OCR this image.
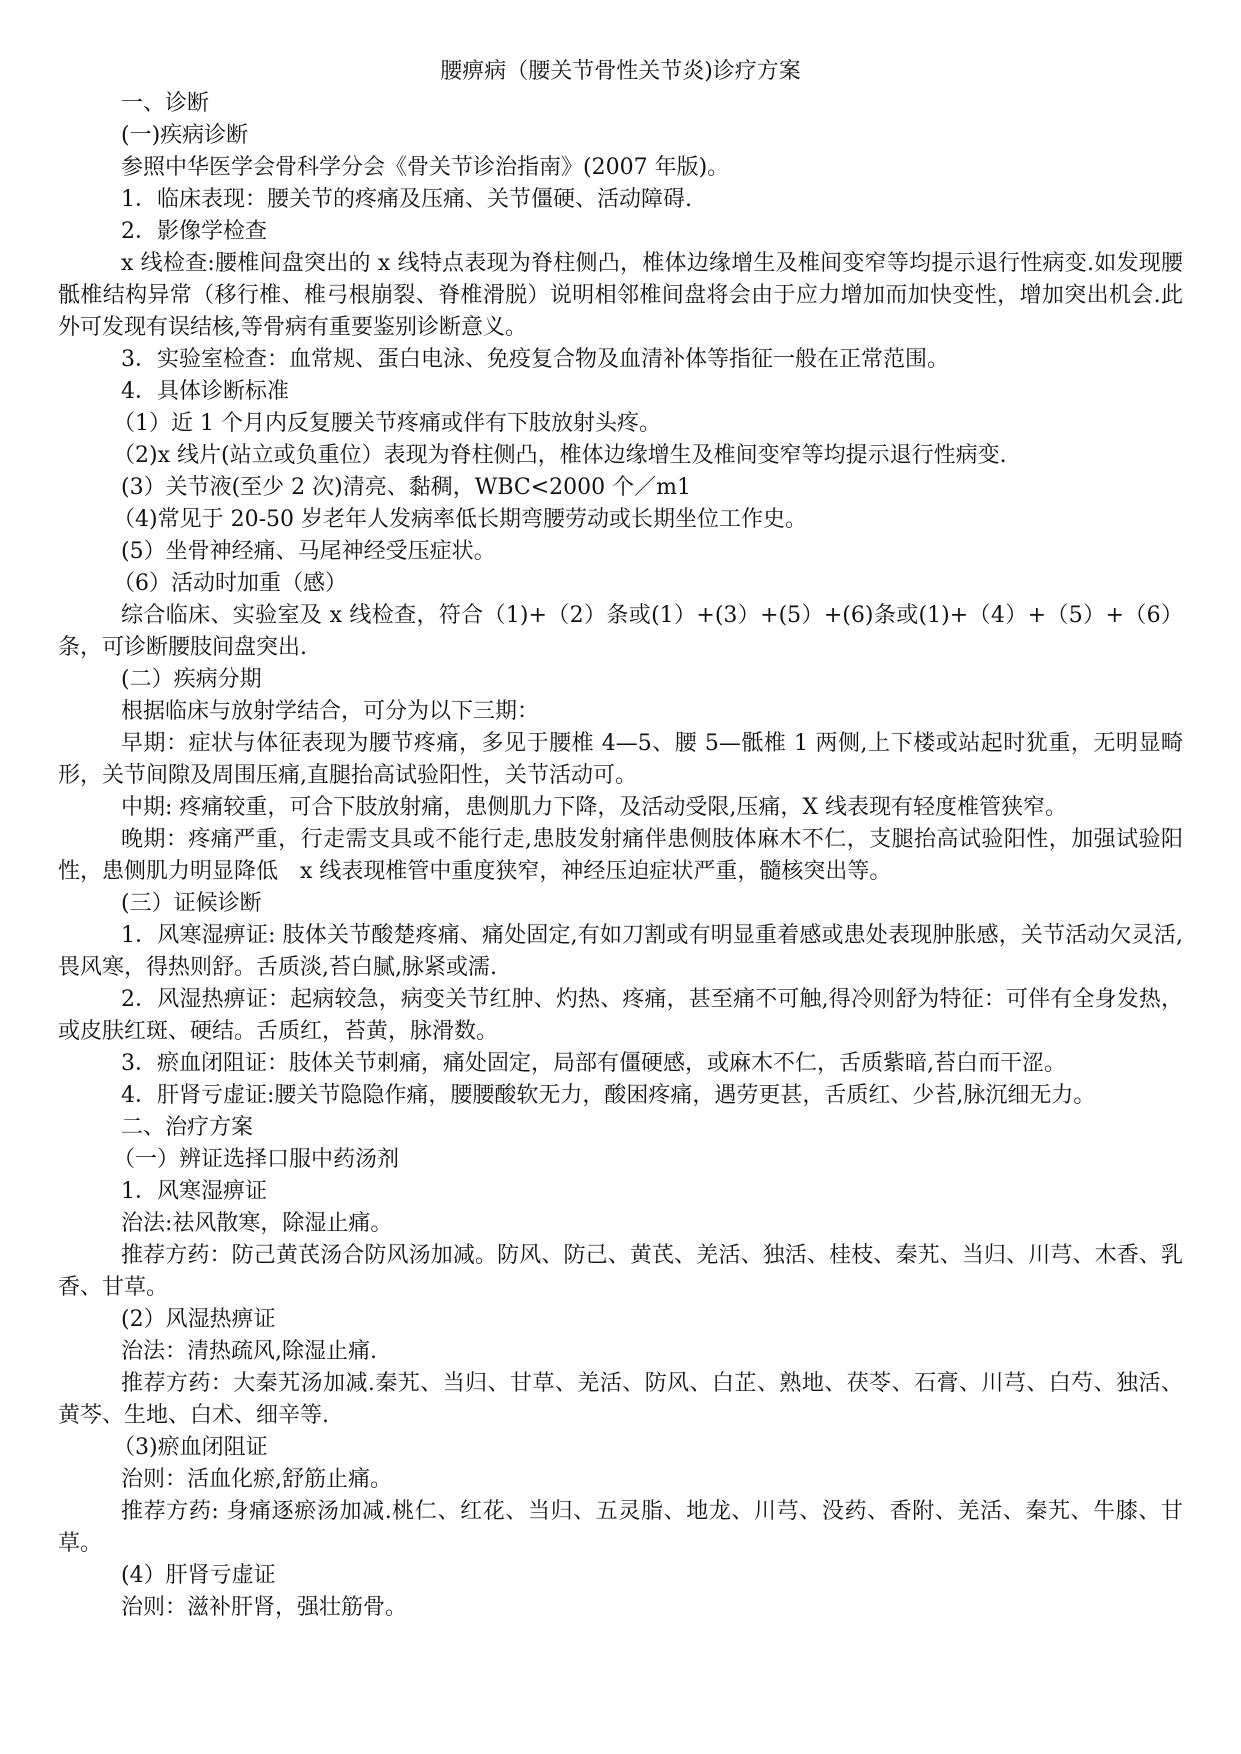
腰痹病（腰关节骨性关节炎)诊疗方案

一、诊断

(一)疾病诊断

参照中华医学会骨科学分会《骨关节诊治指南》(2007 年版)。

1．临床表现：腰关节的疼痛及压痛、关节僵硬、活动障碍.

2．影像学检查

x 线检查:腰椎间盘突出的 x 线特点表现为脊柱侧凸，椎体边缘增生及椎间变窄等均提示退行性病变.如发现腰骶椎结构异常（移行椎、椎弓根崩裂、脊椎滑脱）说明相邻椎间盘将会由于应力增加而加快变性，增加突出机会.此外可发现有误结核,等骨病有重要鉴别诊断意义。

3．实验室检查：血常规、蛋白电泳、免疫复合物及血清补体等指征一般在正常范围。

4．具体诊断标准

（1）近 1 个月内反复腰关节疼痛或伴有下肢放射头疼。

（2)x 线片(站立或负重位）表现为脊柱侧凸，椎体边缘增生及椎间变窄等均提示退行性病变.

(3）关节液(至少 2 次)清亮、黏稠，WBC<2000 个／m1

（4)常见于 20-50 岁老年人发病率低长期弯腰劳动或长期坐位工作史。

(5）坐骨神经痛、马尾神经受压症状。

（6）活动时加重（感）

综合临床、实验室及 x 线检查，符合（1)+（2）条或(1）+(3）+(5）+(6)条或(1)+（4）+（5）+（6）条，可诊断腰肢间盘突出.

(二）疾病分期

根据临床与放射学结合，可分为以下三期：

早期：症状与体征表现为腰节疼痛，多见于腰椎 4—5、腰 5—骶椎 1 两侧,上下楼或站起时犹重，无明显畸形，关节间隙及周围压痛,直腿抬高试验阳性，关节活动可。

中期: 疼痛较重，可合下肢放射痛，患侧肌力下降，及活动受限,压痛，X 线表现有轻度椎管狭窄。

晚期：疼痛严重，行走需支具或不能行走,患肢发射痛伴患侧肢体麻木不仁，支腿抬高试验阳性，加强试验阳性，患侧肌力明显降低　x 线表现椎管中重度狭窄，神经压迫症状严重，髓核突出等。

(三）证候诊断

1．风寒湿痹证: 肢体关节酸楚疼痛、痛处固定,有如刀割或有明显重着感或患处表现肿胀感，关节活动欠灵活,畏风寒，得热则舒。舌质淡,苔白腻,脉紧或濡.

2．风湿热痹证：起病较急，病变关节红肿、灼热、疼痛，甚至痛不可触,得冷则舒为特征：可伴有全身发热，或皮肤红斑、硬结。舌质红，苔黄，脉滑数。

3．瘀血闭阻证：肢体关节刺痛，痛处固定，局部有僵硬感，或麻木不仁，舌质紫暗,苔白而干涩。

4．肝肾亏虚证:腰关节隐隐作痛，腰腰酸软无力，酸困疼痛，遇劳更甚，舌质红、少苔,脉沉细无力。

二、治疗方案

（一）辨证选择口服中药汤剂

1．风寒湿痹证

治法:祛风散寒，除湿止痛。

推荐方药：防己黄芪汤合防风汤加减。防风、防己、黄芪、羌活、独活、桂枝、秦艽、当归、川芎、木香、乳香、甘草。

(2）风湿热痹证

治法：清热疏风,除湿止痛.

推荐方药：大秦艽汤加减.秦艽、当归、甘草、羌活、防风、白芷、熟地、茯苓、石膏、川芎、白芍、独活、黄芩、生地、白术、细辛等.

（3)瘀血闭阻证

治则：活血化瘀,舒筋止痛。

推荐方药: 身痛逐瘀汤加减.桃仁、红花、当归、五灵脂、地龙、川芎、没药、香附、羌活、秦艽、牛膝、甘草。

(4）肝肾亏虚证

治则：滋补肝肾，强壮筋骨。
